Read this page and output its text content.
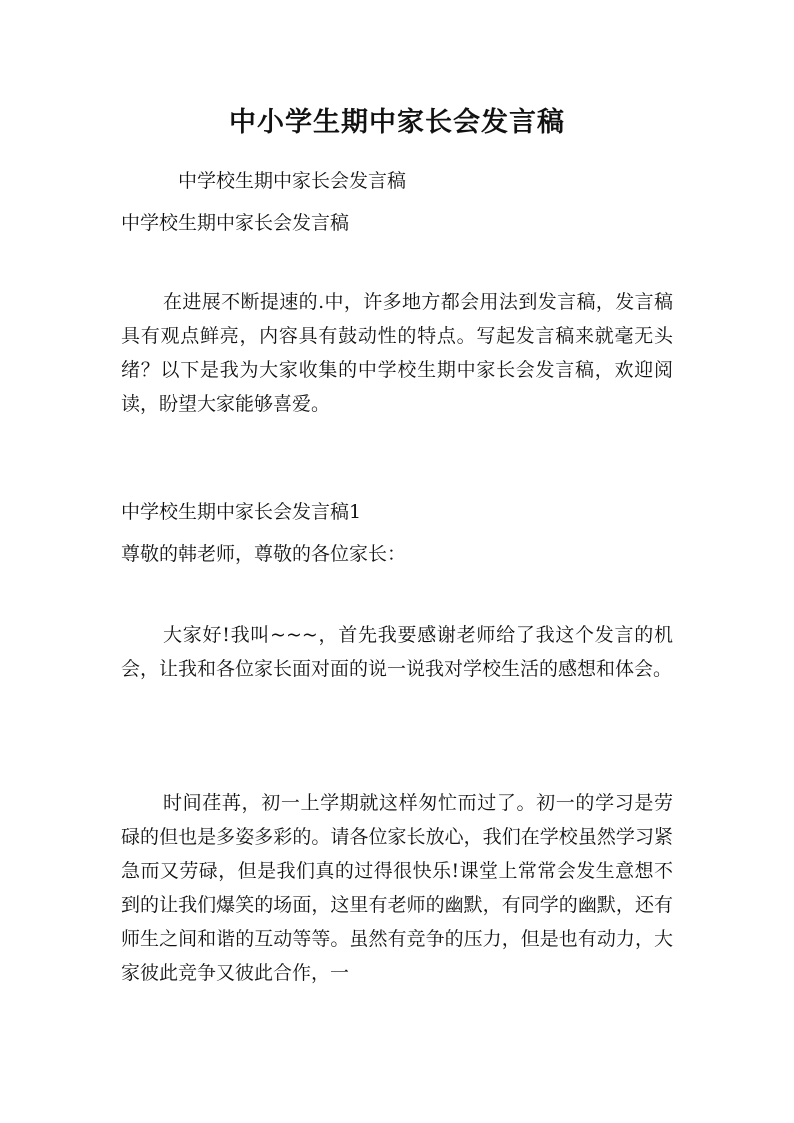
中小学生期中家长会发言稿
中学校生期中家长会发言稿
中学校生期中家长会发言稿
在进展不断提速的.中，许多地方都会用法到发言稿，发言稿具有观点鲜亮，内容具有鼓动性的特点。写起发言稿来就毫无头绪？以下是我为大家收集的中学校生期中家长会发言稿，欢迎阅读，盼望大家能够喜爱。
中学校生期中家长会发言稿1
尊敬的韩老师，尊敬的各位家长：
大家好!我叫~~~，首先我要感谢老师给了我这个发言的机会，让我和各位家长面对面的说一说我对学校生活的感想和体会。
时间荏苒，初一上学期就这样匆忙而过了。初一的学习是劳碌的但也是多姿多彩的。请各位家长放心，我们在学校虽然学习紧急而又劳碌，但是我们真的过得很快乐!课堂上常常会发生意想不到的让我们爆笑的场面，这里有老师的幽默，有同学的幽默，还有师生之间和谐的互动等等。虽然有竞争的压力，但是也有动力，大家彼此竞争又彼此合作，一
